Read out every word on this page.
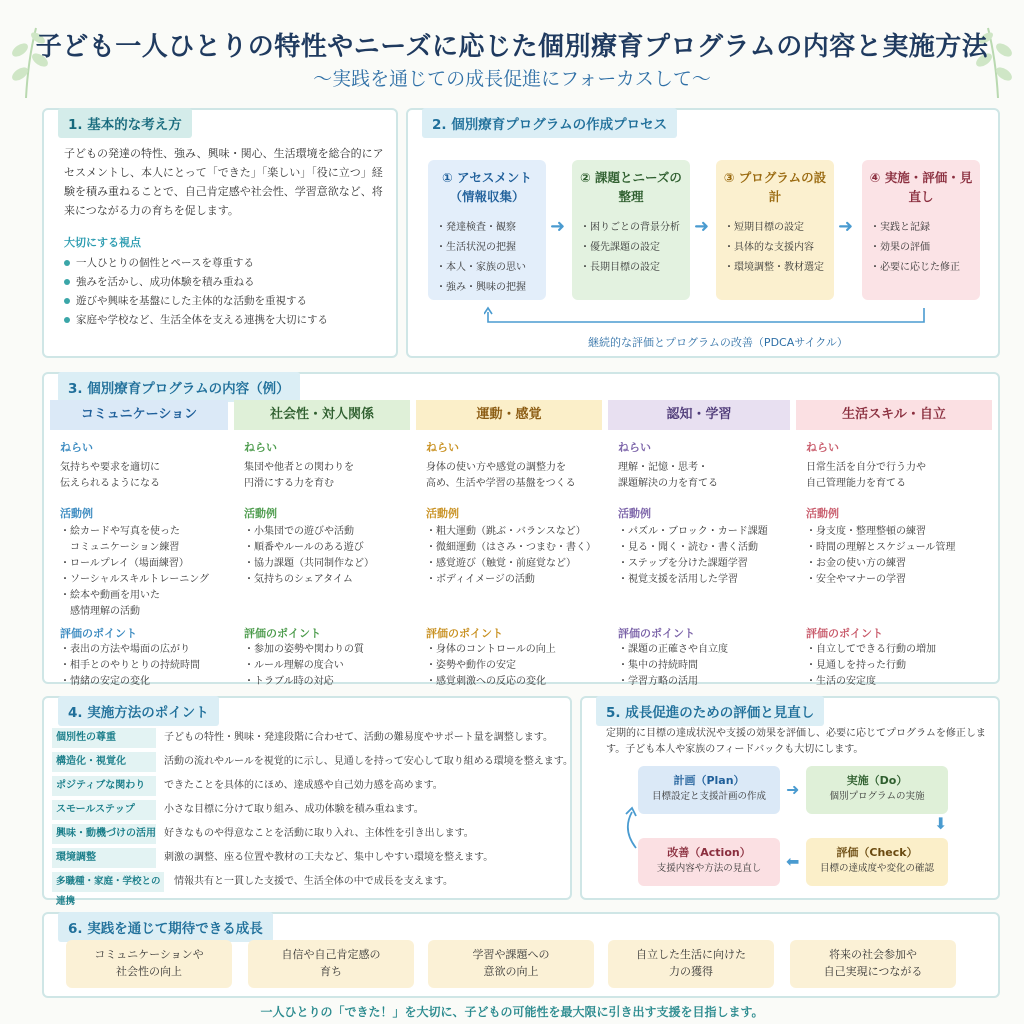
子ども一人ひとりの特性やニーズに応じた個別療育プログラムの内容と実施方法
〜実践を通じての成長促進にフォーカスして〜
1. 基本的な考え方
子どもの発達の特性、強み、興味・関心、生活環境を総合的にアセスメントし、本人にとって「できた」「楽しい」「役に立つ」経験を積み重ねることで、自己肯定感や社会性、学習意欲など、将来につながる力の育ちを促します。
大切にする視点
一人ひとりの個性とペースを尊重する
強みを活かし、成功体験を積み重ねる
遊びや興味を基盤にした主体的な活動を重視する
家庭や学校など、生活全体を支える連携を大切にする
2. 個別療育プログラムの作成プロセス
① アセスメント（情報収集）
・発達検査・観察
・生活状況の把握
・本人・家族の思い
・強み・興味の把握
② 課題とニーズの整理
・困りごとの背景分析
・優先課題の設定
・長期目標の設定
③ プログラムの設計
・短期目標の設定
・具体的な支援内容
・環境調整・教材選定
④ 実施・評価・見直し
・実践と記録
・効果の評価
・必要に応じた修正
➜	➜	➜
継続的な評価とプログラムの改善（PDCAサイクル）
3. 個別療育プログラムの内容（例）
コミュニケーション
ねらい
気持ちや要求を適切に
伝えられるようになる
活動例
・絵カードや写真を使った
　コミュニケーション練習
・ロールプレイ（場面練習）
・ソーシャルスキルトレーニング
・絵本や動画を用いた
　感情理解の活動
評価のポイント
・表出の方法や場面の広がり
・相手とのやりとりの持続時間
・情緒の安定の変化
社会性・対人関係
ねらい
集団や他者との関わりを
円滑にする力を育む
活動例
・小集団での遊びや活動
・順番やルールのある遊び
・協力課題（共同制作など）
・気持ちのシェアタイム
評価のポイント
・参加の姿勢や関わりの質
・ルール理解の度合い
・トラブル時の対応
運動・感覚
ねらい
身体の使い方や感覚の調整力を
高め、生活や学習の基盤をつくる
活動例
・粗大運動（跳ぶ・バランスなど）
・微細運動（はさみ・つまむ・書く）
・感覚遊び（触覚・前庭覚など）
・ボディイメージの活動
評価のポイント
・身体のコントロールの向上
・姿勢や動作の安定
・感覚刺激への反応の変化
認知・学習
ねらい
理解・記憶・思考・
課題解決の力を育てる
活動例
・パズル・ブロック・カード課題
・見る・聞く・読む・書く活動
・ステップを分けた課題学習
・視覚支援を活用した学習
評価のポイント
・課題の正確さや自立度
・集中の持続時間
・学習方略の活用
生活スキル・自立
ねらい
日常生活を自分で行う力や
自己管理能力を育てる
活動例
・身支度・整理整頓の練習
・時間の理解とスケジュール管理
・お金の使い方の練習
・安全やマナーの学習
評価のポイント
・自立してできる行動の増加
・見通しを持った行動
・生活の安定度
4. 実施方法のポイント
個別性の尊重	子どもの特性・興味・発達段階に合わせて、活動の難易度やサポート量を調整します。
構造化・視覚化	活動の流れやルールを視覚的に示し、見通しを持って安心して取り組める環境を整えます。
ポジティブな関わり	できたことを具体的にほめ、達成感や自己効力感を高めます。
スモールステップ	小さな目標に分けて取り組み、成功体験を積み重ねます。
興味・動機づけの活用 好きなものや得意なことを活動に取り入れ、主体性を引き出します。
環境調整	刺激の調整、座る位置や教材の工夫など、集中しやすい環境を整えます。
多職種・家庭・学校との連携
情報共有と一貫した支援で、生活全体の中で成長を支えます。
5. 成長促進のための評価と見直し
定期的に目標の達成状況や支援の効果を評価し、必要に応じてプログラムを修正します。子ども本人や家族のフィードバックも大切にします。
計画（Plan）
目標設定と支援計画の作成	➜	実施（Do）
個別プログラムの実施
⬇
評価（Check）
目標の達成度や変化の確認
⬅
改善（Action）
支援内容や方法の見直し
6. 実践を通じて期待できる成長
コミュニケーションや
社会性の向上
自信や自己肯定感の
育ち
学習や課題への
意欲の向上
自立した生活に向けた
力の獲得
将来の社会参加や
自己実現につながる
一人ひとりの「できた！」を大切に、子どもの可能性を最大限に引き出す支援を目指します。
